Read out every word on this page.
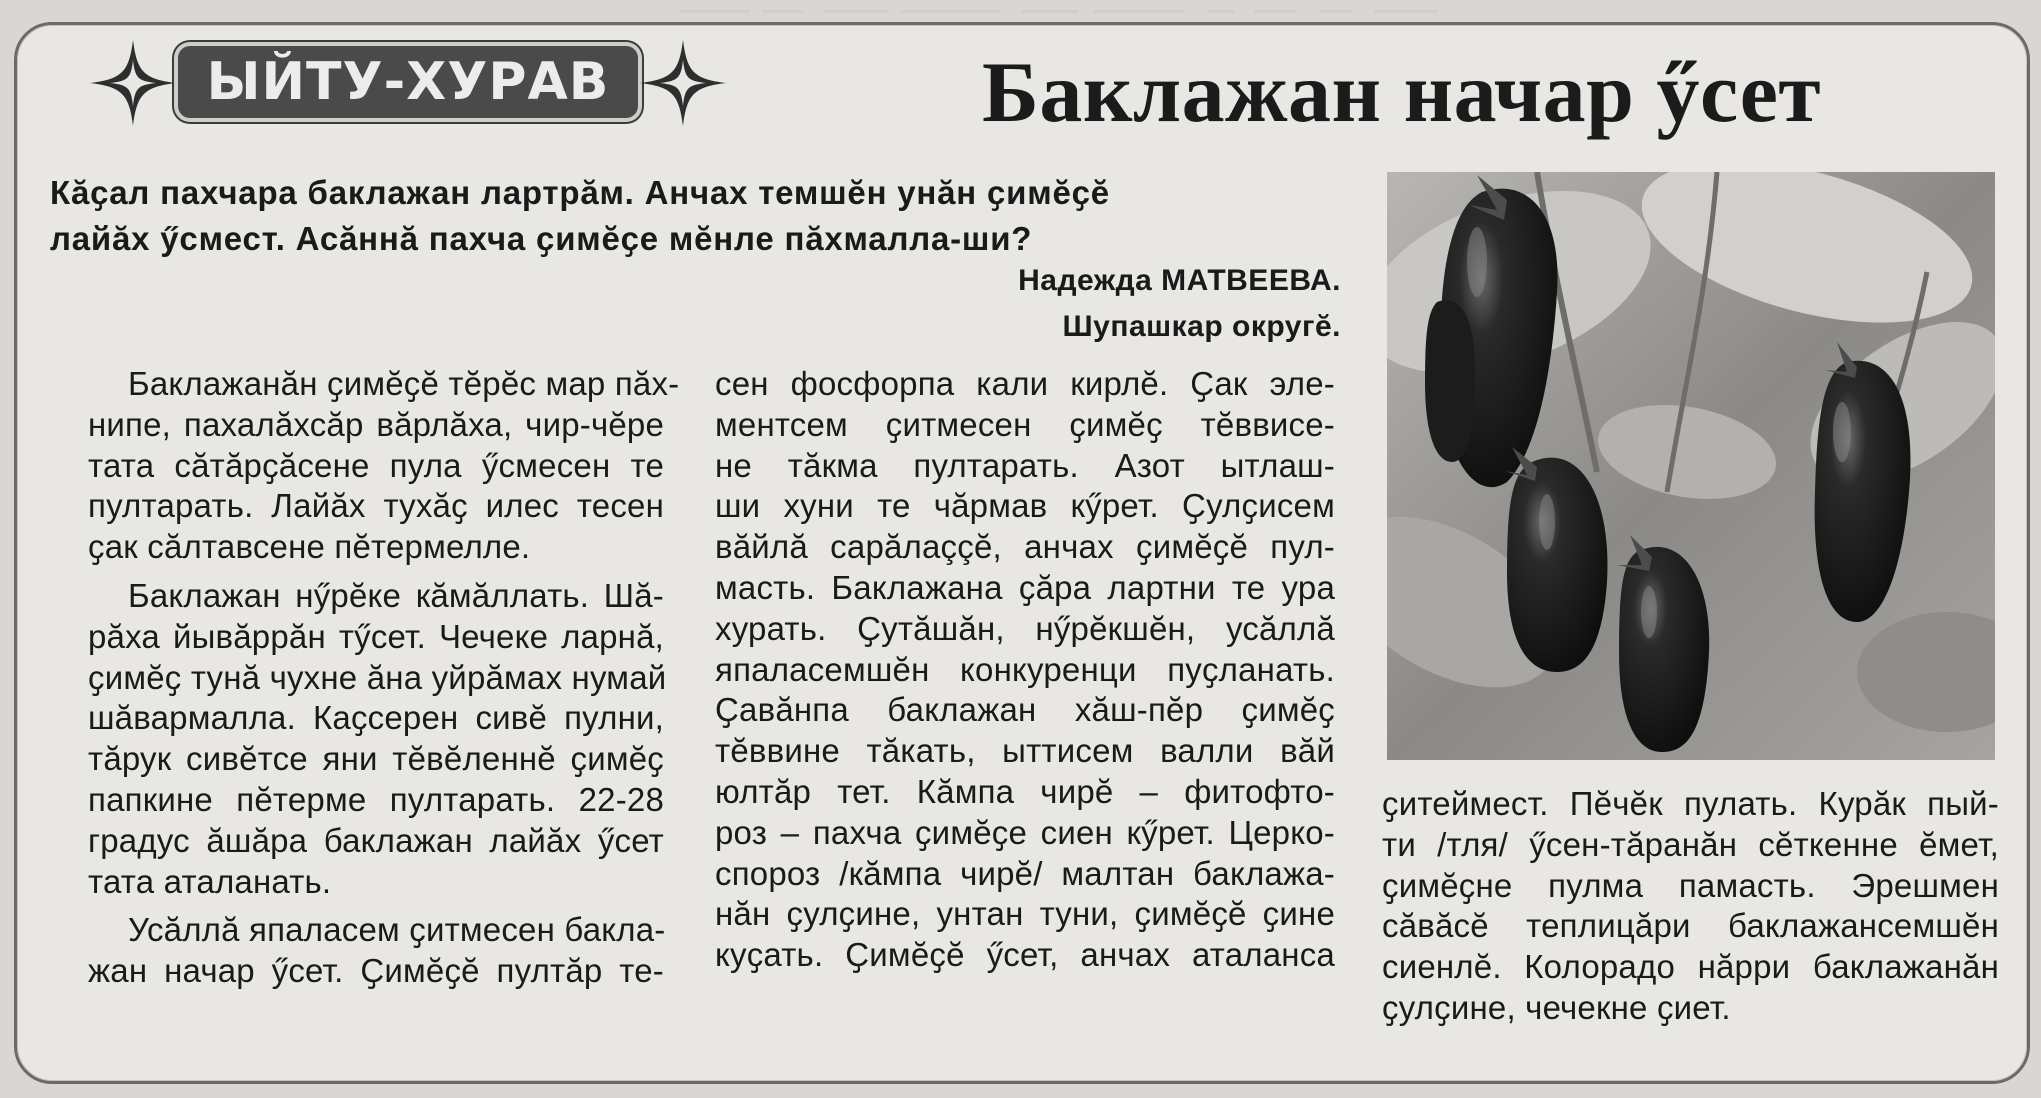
ЫЙТУ-ХУРАВ	Баклажан начар ӳсет
Кӑҫал пахчара баклажан лартрӑм. Анчах темшӗн унӑн ҫимӗҫӗ
лайӑх ӳсмест. Асӑннӑ пахча ҫимӗҫе мӗнле пӑхмалла-ши?
Надежда МАТВЕЕВА.
Шупашкар округӗ.
Баклажанӑн ҫимӗҫӗ тӗрӗс мар пӑх-
нипе, пахалӑхсӑр вӑрлӑха, чир-чӗре
тата сӑтӑрҫӑсене пула ӳсмесен те
пултарать. Лайӑх тухӑҫ илес тесен
ҫак сӑлтавсене пӗтермелле.
Баклажан нӳрӗке кӑмӑллать. Шӑ-
рӑха йывӑррӑн тӳсет. Чечеке ларнӑ,
ҫимӗҫ тунӑ чухне ӑна уйрӑмах нумай
шӑвармалла. Каҫсерен сивӗ пулни,
тӑрук сивӗтсе яни тӗвӗленнӗ ҫимӗҫ
папкине пӗтерме пултарать. 22-28
градус ӑшӑра баклажан лайӑх ӳсет
тата аталанать.
Усӑллӑ япаласем ҫитмесен бакла-
жан начар ӳсет. Ҫимӗҫӗ пултӑр те-
сен фосфорпа кали кирлӗ. Ҫак эле-
ментсем ҫитмесен ҫимӗҫ тӗввисе-
не тӑкма пултарать. Азот ытлаш-
ши хуни те чӑрмав кӳрет. Ҫулҫисем
вӑйлӑ сарӑлаççӗ, анчах ҫимӗҫӗ пул-
масть. Баклажана ҫӑра лартни те ура
хурать. Ҫутӑшӑн, нӳрӗкшӗн, усӑллӑ
япаласемшӗн конкуренци пуҫланать.
Ҫавӑнпа баклажан хӑш-пӗр ҫимӗҫ
тӗввине тӑкать, ыттисем валли вӑй
юлтӑр тет. Кӑмпа чирӗ – фитофто-
роз – пахча ҫимӗҫе сиен кӳрет. Церко-
спороз /кӑмпа чирӗ/ малтан баклажа-
нӑн ҫулҫине, унтан туни, ҫимӗҫӗ ҫине
куҫать. Ҫимӗҫӗ ӳсет, анчах аталанса
ҫитеймест. Пӗчӗк пулать. Курӑк пый-
ти /тля/ ӳсен-тӑранӑн сӗткенне ӗмет,
ҫимӗҫне пулма памасть. Эрешмен
сӑвӑсӗ теплицӑри баклажансемшӗн
сиенлӗ. Колорадо нӑрри баклажанӑн
ҫулҫине, чечекне ҫиет.
